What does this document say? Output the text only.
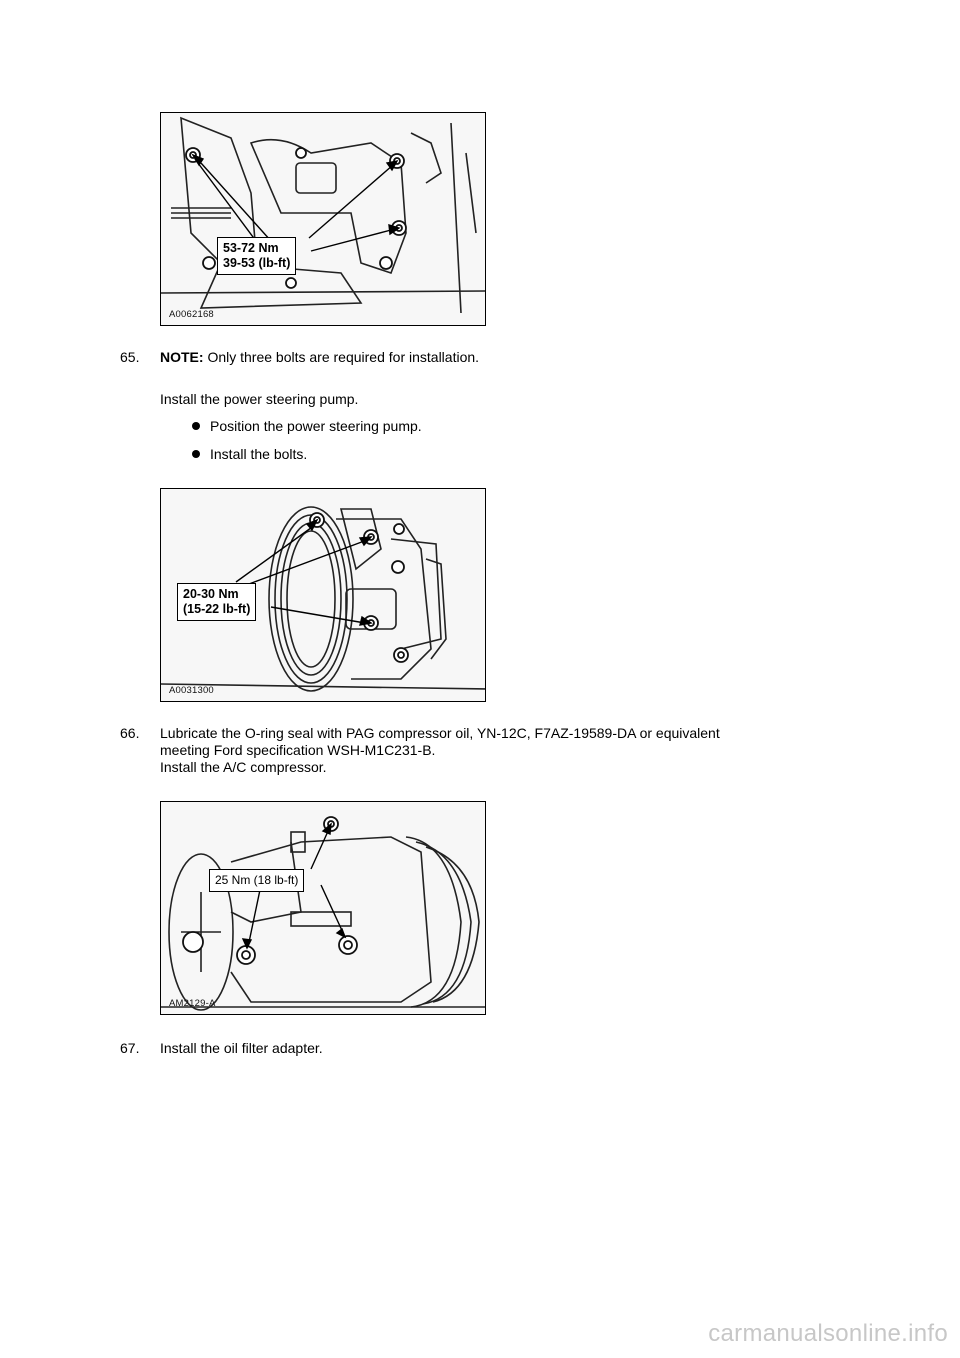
53-72 Nm
39-53 (lb-ft)
A0062168
65. NOTE: Only three bolts are required for installation.
Install the power steering pump.
Position the power steering pump.
Install the bolts.
20-30 Nm
(15-22 lb-ft)
A0031300
66. Lubricate the O-ring seal with PAG compressor oil, YN-12C, F7AZ-19589-DA or equivalent
meeting Ford specification WSH-M1C231-B.
Install the A/C compressor.
25 Nm (18 lb-ft)
AM2129-A
67. Install the oil filter adapter.
carmanualsonline.info
